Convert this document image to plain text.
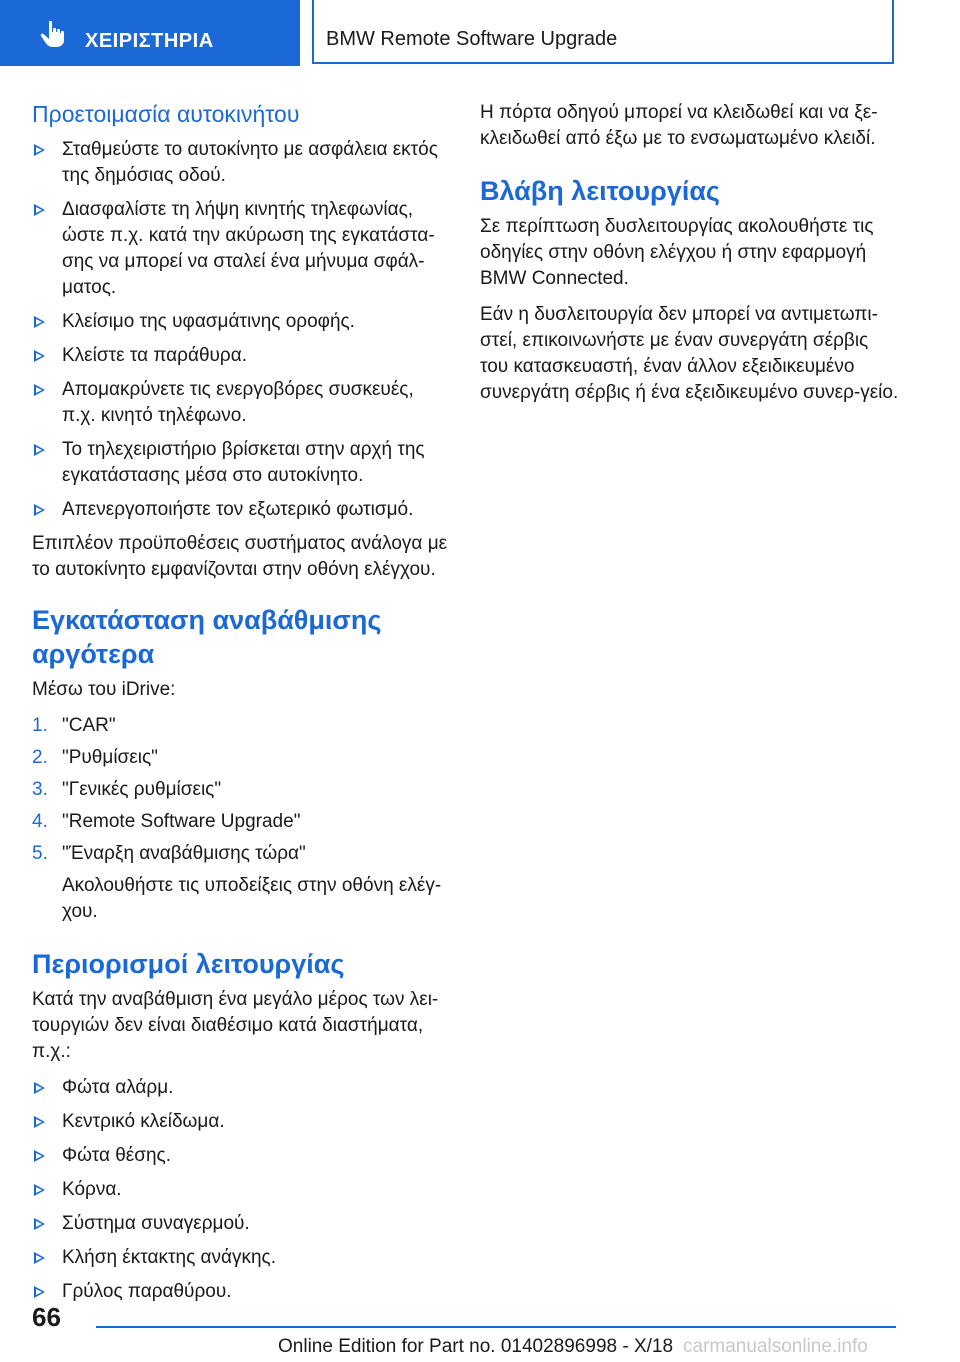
ΧΕΙΡΙΣΤΗΡΙΑ	BMW Remote Software Upgrade
Προετοιμασία αυτοκινήτου
Σταθμεύστε το αυτοκίνητο με ασφάλεια εκτός της δημόσιας οδού.
Διασφαλίστε τη λήψη κινητής τηλεφωνίας, ώστε π.χ. κατά την ακύρωση της εγκατάστα‐σης να μπορεί να σταλεί ένα μήνυμα σφάλ‐ματος.
Κλείσιμο της υφασμάτινης οροφής.
Κλείστε τα παράθυρα.
Απομακρύνετε τις ενεργοβόρες συσκευές, π.χ. κινητό τηλέφωνο.
Το τηλεχειριστήριο βρίσκεται στην αρχή της εγκατάστασης μέσα στο αυτοκίνητο.
Απενεργοποιήστε τον εξωτερικό φωτισμό.

Επιπλέον προϋποθέσεις συστήματος ανάλογα με το αυτοκίνητο εμφανίζονται στην οθόνη ελέγχου.

Εγκατάσταση αναβάθμισης αργότερα

Μέσω του iDrive:

1. "CAR"
2. "Ρυθμίσεις"
3. "Γενικές ρυθμίσεις"
4. "Remote Software Upgrade"
5. "Έναρξη αναβάθμισης τώρα"

Ακολουθήστε τις υποδείξεις στην οθόνη ελέγ‐χου.

Περιορισμοί λειτουργίας

Κατά την αναβάθμιση ένα μεγάλο μέρος των λει‐τουργιών δεν είναι διαθέσιμο κατά διαστήματα, π.χ.:

Φώτα αλάρμ.
Κεντρικό κλείδωμα.
Φώτα θέσης.
Κόρνα.
Σύστημα συναγερμού.
Κλήση έκτακτης ανάγκης.
Γρύλος παραθύρου.

Η πόρτα οδηγού μπορεί να κλειδωθεί και να ξε‐κλειδωθεί από έξω με το ενσωματωμένο κλειδί.

Βλάβη λειτουργίας

Σε περίπτωση δυσλειτουργίας ακολουθήστε τις οδηγίες στην οθόνη ελέγχου ή στην εφαρμογή BMW Connected.

Εάν η δυσλειτουργία δεν μπορεί να αντιμετωπι‐στεί, επικοινωνήστε με έναν συνεργάτη σέρβις του κατασκευαστή, έναν άλλον εξειδικευμένο συνεργάτη σέρβις ή ένα εξειδικευμένο συνερ‐γείο.

66
Online Edition for Part no. 01402896998 - X/18 carmanualsonline.info
